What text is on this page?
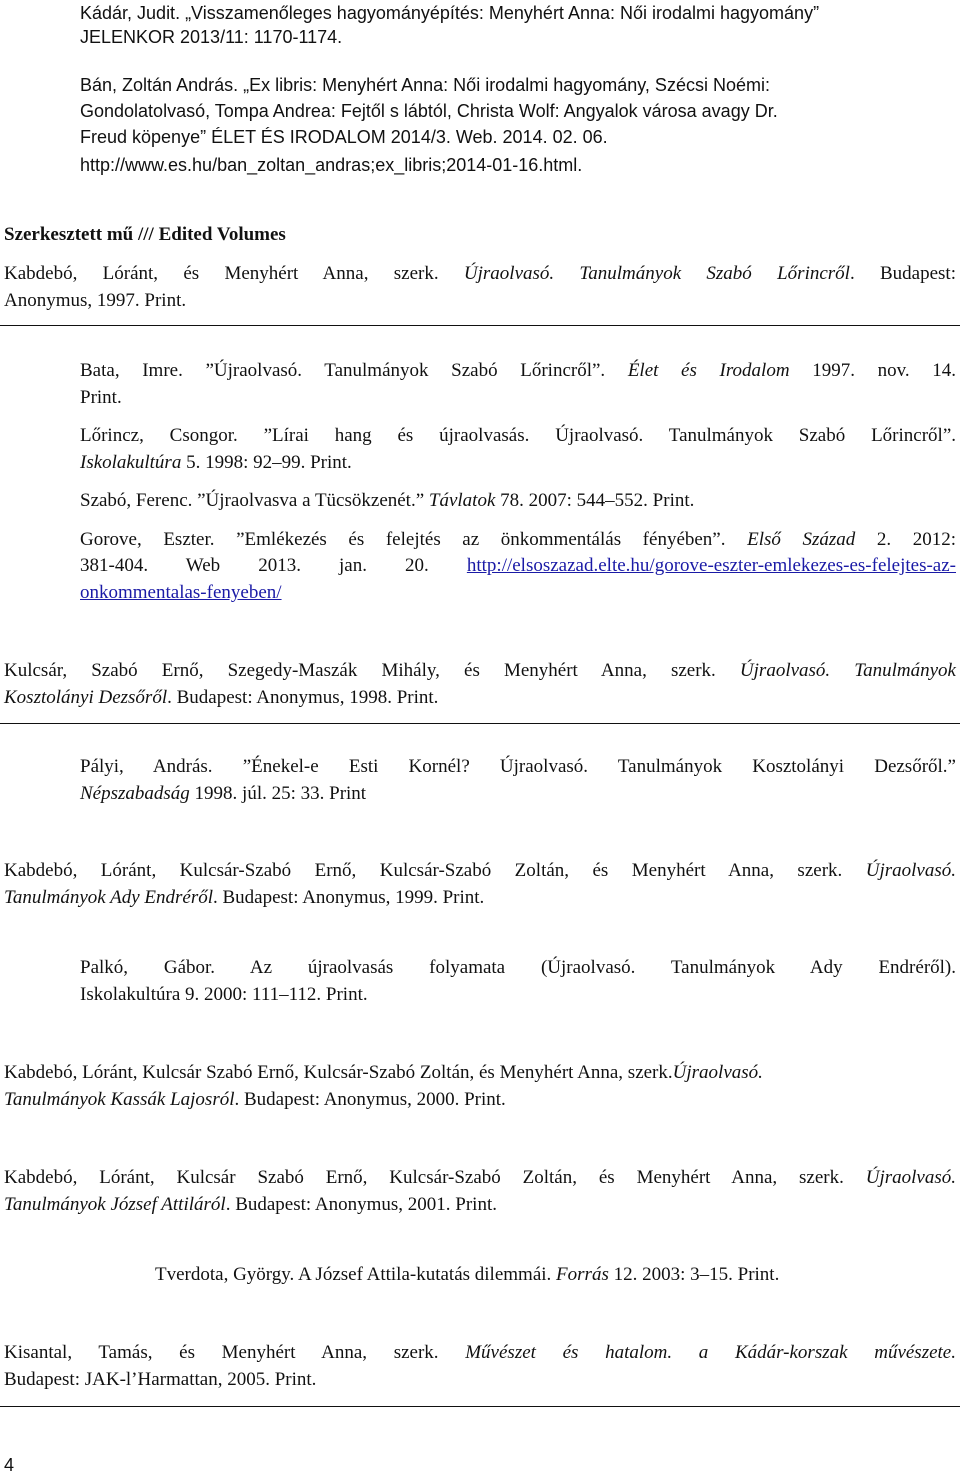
Kádár, Judit. „Visszamenőleges hagyományépítés: Menyhért Anna: Női irodalmi hagyomány”
JELENKOR 2013/11: 1170-1174.
Bán, Zoltán András. „Ex libris: Menyhért Anna: Női irodalmi hagyomány, Szécsi Noémi:
Gondolatolvasó, Tompa Andrea: Fejtől s lábtól, Christa Wolf: Angyalok városa avagy Dr.
Freud köpenye” ÉLET ÉS IRODALOM 2014/3. Web. 2014. 02. 06.
http://www.es.hu/ban_zoltan_andras;ex_libris;2014-01-16.html.
Szerkesztett mű /// Edited Volumes
Kabdebó, Lóránt, és Menyhért Anna, szerk. Újraolvasó. Tanulmányok Szabó Lőrincről. Budapest:
Anonymus, 1997. Print.
Bata, Imre. ”Újraolvasó. Tanulmányok Szabó Lőrincről”. Élet és Irodalom 1997. nov. 14.
Print.
Lőrincz, Csongor. ”Lírai hang és újraolvasás. Újraolvasó. Tanulmányok Szabó Lőrincről”.
Iskolakultúra 5. 1998: 92–99. Print.
Szabó, Ferenc. ”Újraolvasva a Tücsökzenét.” Távlatok 78. 2007: 544–552. Print.
Gorove, Eszter. ”Emlékezés és felejtés az önkommentálás fényében”. Első Század 2. 2012:
381-404. Web 2013. jan. 20. http://elsoszazad.elte.hu/gorove-eszter-emlekezes-es-felejtes-az-
onkommentalas-fenyeben/
Kulcsár, Szabó Ernő, Szegedy-Maszák Mihály, és Menyhért Anna, szerk. Újraolvasó. Tanulmányok
Kosztolányi Dezsőről. Budapest: Anonymus, 1998. Print.
Pályi, András. ”Énekel-e Esti Kornél? Újraolvasó. Tanulmányok Kosztolányi Dezsőről.”
Népszabadság 1998. júl. 25: 33. Print
Kabdebó, Lóránt, Kulcsár-Szabó Ernő, Kulcsár-Szabó Zoltán, és Menyhért Anna, szerk. Újraolvasó.
Tanulmányok Ady Endréről. Budapest: Anonymus, 1999. Print.
Palkó, Gábor. Az újraolvasás folyamata (Újraolvasó. Tanulmányok Ady Endréről).
Iskolakultúra 9. 2000: 111–112. Print.
Kabdebó, Lóránt, Kulcsár Szabó Ernő, Kulcsár-Szabó Zoltán, és Menyhért Anna, szerk.Újraolvasó.
Tanulmányok Kassák Lajosról. Budapest: Anonymus, 2000. Print.
Kabdebó, Lóránt, Kulcsár Szabó Ernő, Kulcsár-Szabó Zoltán, és Menyhért Anna, szerk. Újraolvasó.
Tanulmányok József Attiláról. Budapest: Anonymus, 2001. Print.
Tverdota, György. A József Attila-kutatás dilemmái. Forrás 12. 2003: 3–15. Print.
Kisantal, Tamás, és Menyhért Anna, szerk. Művészet és hatalom. a Kádár-korszak művészete.
Budapest: JAK-l’Harmattan, 2005. Print.
4
